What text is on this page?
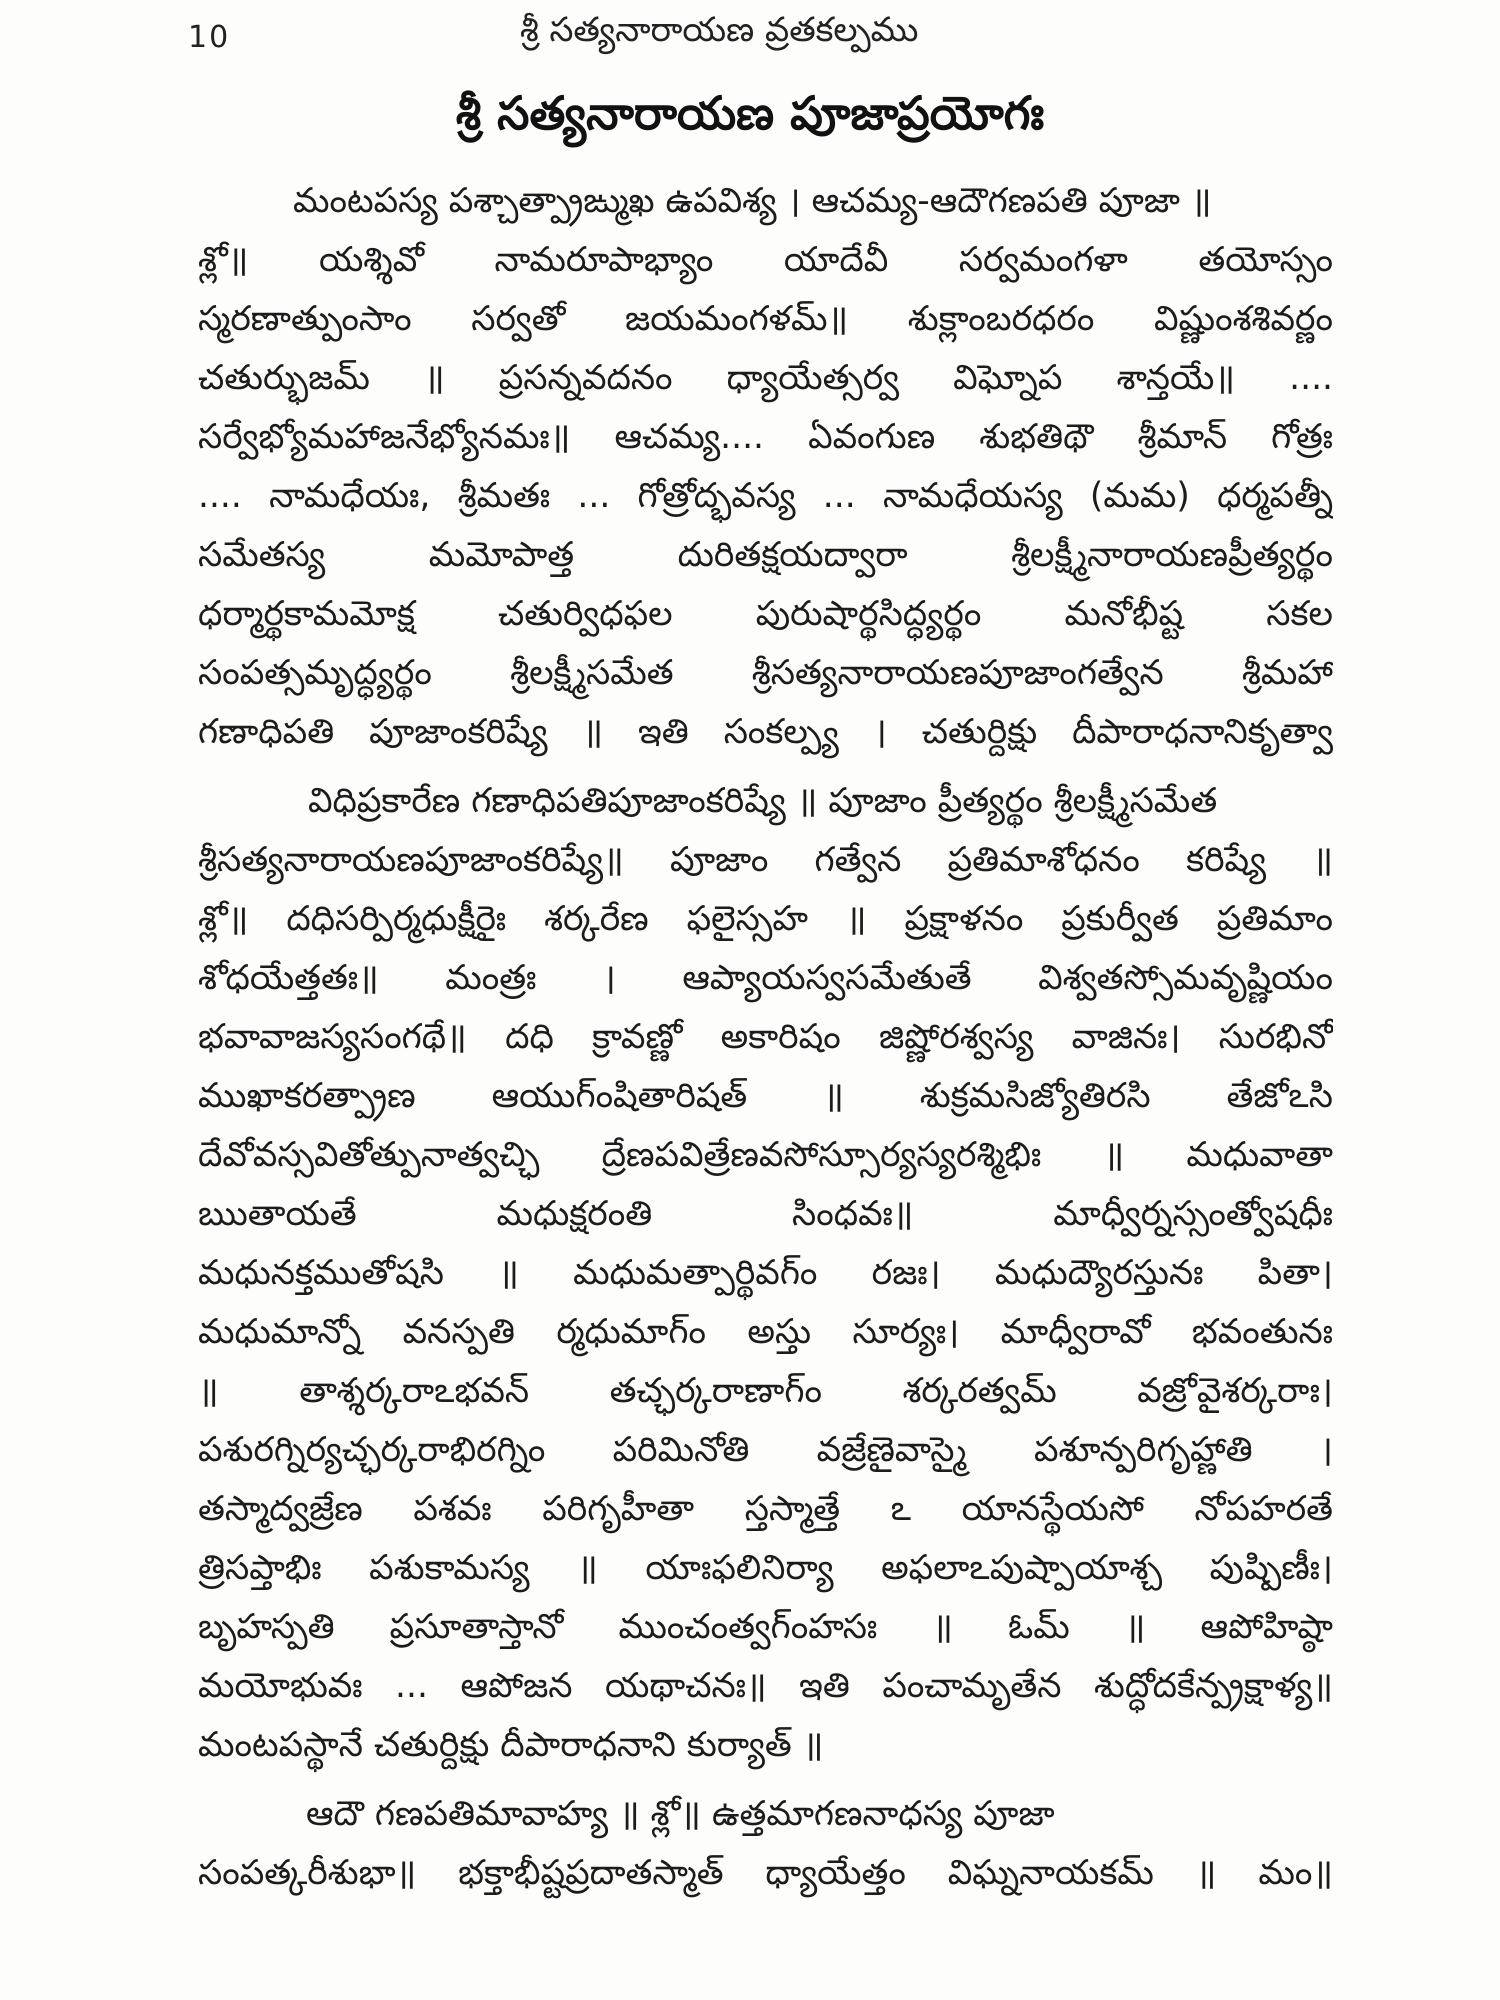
10	శ్రీ సత్యనారాయణ వ్రతకల్పము
శ్రీ సత్యనారాయణ పూజాప్రయోగః
మంటపస్య పశ్చాత్ప్రాఙ్ముఖ ఉపవిశ్య । ఆచమ్య-ఆదౌగణపతి పూజా ॥
శ్లో॥ యశ్శివో నామరూపాభ్యాం యాదేవీ సర్వమంగళా తయోస్సం
స్మరణాత్పుంసాం సర్వతో జయమంగళమ్॥ శుక్లాంబరధరం విష్ణుంశశివర్ణం
చతుర్భుజమ్ ॥ ప్రసన్నవదనం ధ్యాయేత్సర్వ విఘ్నోప శాన్తయే॥ ....
సర్వేభ్యోమహాజనేభ్యోనమః॥ ఆచమ్య.... ఏవంగుణ శుభతిథౌ శ్రీమాన్ గోత్రః
.... నామధేయః, శ్రీమతః ... గోత్రోద్భవస్య ... నామధేయస్య (మమ) ధర్మపత్నీ
సమేతస్య మమోపాత్త దురితక్షయద్వారా శ్రీలక్ష్మీనారాయణప్రీత్యర్థం
ధర్మార్థకామమోక్ష చతుర్విధఫల పురుషార్థసిద్ధ్యర్థం మనోభీష్ట సకల
సంపత్సమృద్ధ్యర్థం శ్రీలక్ష్మీసమేత శ్రీసత్యనారాయణపూజాంగత్వేన శ్రీమహా
గణాధిపతి పూజాంకరిష్యే ॥ ఇతి సంకల్ప్య । చతుర్దిక్షు దీపారాధనానికృత్వా
విధిప్రకారేణ గణాధిపతిపూజాంకరిష్యే ॥ పూజాం ప్రీత్యర్థం శ్రీలక్ష్మీసమేత
శ్రీసత్యనారాయణపూజాంకరిష్యే॥ పూజాం గత్వేన ప్రతిమాశోధనం కరిష్యే ॥
శ్లో॥ దధిసర్పిర్మధుక్షీరైః శర్కరేణ ఫలైస్సహ ॥ ప్రక్షాళనం ప్రకుర్వీత ప్రతిమాం
శోధయేత్తతః॥ మంత్రః । ఆప్యాయస్వసమేతుతే విశ్వతస్సోమవృష్ణియం
భవావాజస్యసంగథే॥ దధి క్రావణ్ణో అకారిషం జిష్ణోరశ్వస్య వాజినః। సురభినో
ముఖాకరత్ప్రాణ ఆయుగ్ంషితారిషత్ ॥ శుక్రమసిజ్యోతిరసి తేజోఽసి
దేవోవస్సవితోత్పునాత్వచ్ఛి ద్రేణపవిత్రేణవసోస్సూర్యస్యరశ్మిభిః ॥ మధువాతా
ఋతాయతే మధుక్షరంతి సింధవః॥ మాధ్వీర్నస్సంత్వోషధీః
మధునక్తముతోషసి ॥ మధుమత్పార్థివగ్ం రజః। మధుద్యౌరస్తునః పితా।
మధుమాన్నో వనస్పతి ర్మధుమాగ్ం అస్తు సూర్యః। మాధ్వీరావో భవంతునః
॥ తాశ్శర్కరాఽభవన్ తచ్ఛర్కరాణాగ్ం శర్కరత్వమ్ వజ్రోవైశర్కరాః।
పశురగ్నిర్యచ్ఛర్కరాభిరగ్నిం పరిమినోతి వజ్రేణైవాస్మై పశూన్పరిగృహ్ణాతి ।
తస్మాద్వజ్రేణ పశవః పరిగృహీతా స్తస్మాత్తే ఽ యానస్థేయసో నోపహరతే
త్రిసప్తాభిః పశుకామస్య ॥ యాఃఫలినిర్యా అఫలాఽపుష్పాయాశ్చ పుష్పిణీః।
బృహస్పతి ప్రసూతాస్తానో ముంచంత్వగ్ంహసః ॥ ఓమ్ ॥ ఆపోహిష్ఠా
మయోభువః ... ఆపోజన యథాచనః॥ ఇతి పంచామృతేన శుద్ధోదకేన్ప్రక్షాళ్య॥
మంటపస్థానే చతుర్దిక్షు దీపారాధనాని కుర్యాత్ ॥
ఆదౌ గణపతిమావాహ్య ॥ శ్లో॥ ఉత్తమాగణనాధస్య పూజా
సంపత్కరీశుభా॥ భక్తాభీష్టప్రదాతస్మాత్ ధ్యాయేత్తం విఘ్ననాయకమ్ ॥ మం॥
